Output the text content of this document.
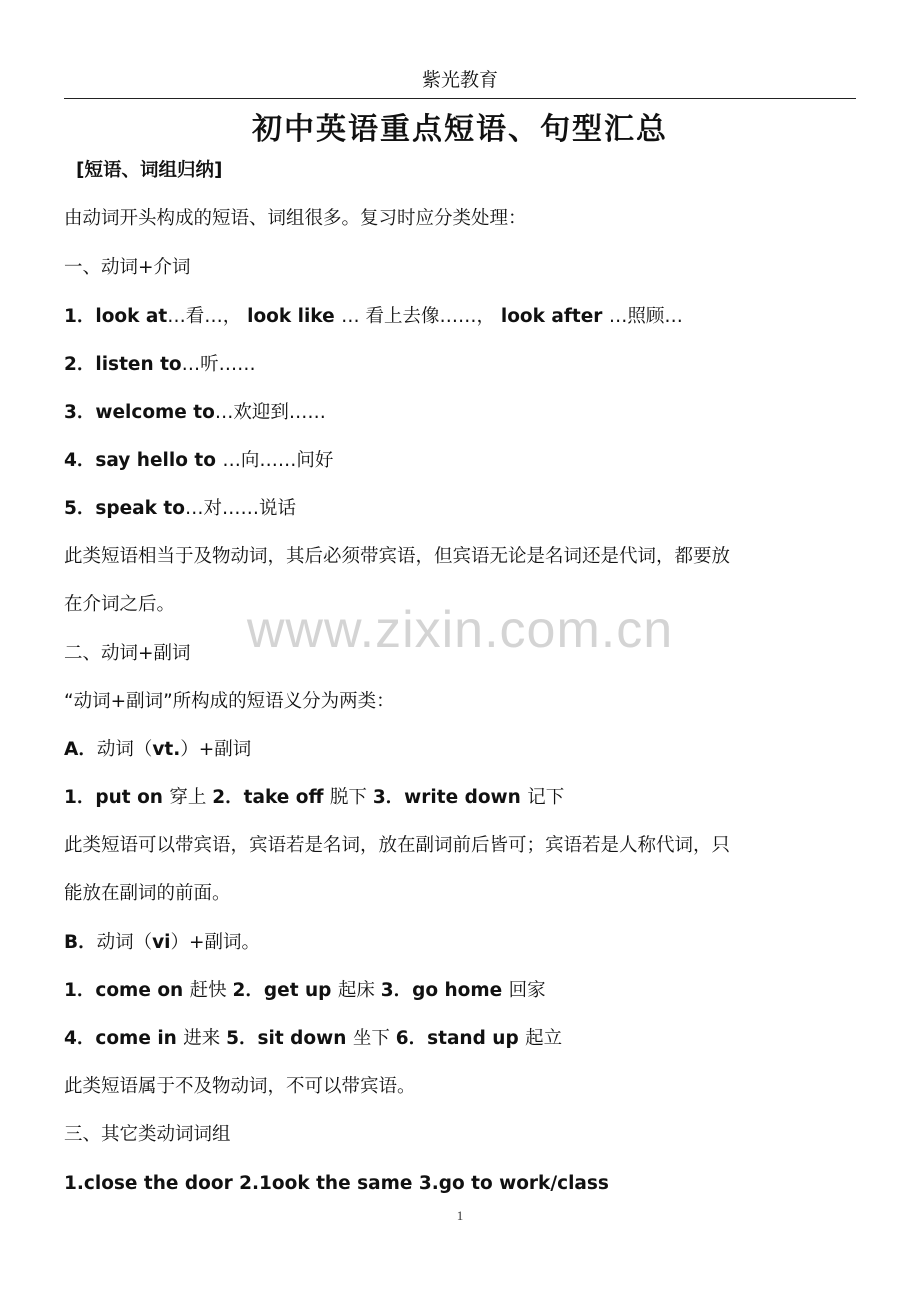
紫光教育
初中英语重点短语、句型汇总
www.zixin.com.cn
[短语、词组归纳]
由动词开头构成的短语、词组很多。复习时应分类处理：
一、动词+介词
1．look at…看…， look like … 看上去像……， look after …照顾…
2．listen to…听……
3．welcome to…欢迎到……
4．say hello to …向……问好
5．speak to…对……说话
此类短语相当于及物动词，其后必须带宾语，但宾语无论是名词还是代词，都要放
在介词之后。
二、动词+副词
“动词+副词”所构成的短语义分为两类：
A．动词（vt.）+副词
1．put on 穿上 2．take off 脱下 3．write down 记下
此类短语可以带宾语，宾语若是名词，放在副词前后皆可；宾语若是人称代词，只
能放在副词的前面。
B．动词（vi）+副词。
1．come on 赶快 2．get up 起床 3．go home 回家
4．come in 进来 5．sit down 坐下 6．stand up 起立
此类短语属于不及物动词，不可以带宾语。
三、其它类动词词组
1.close the door 2.1ook the same 3.go to work/class
1
